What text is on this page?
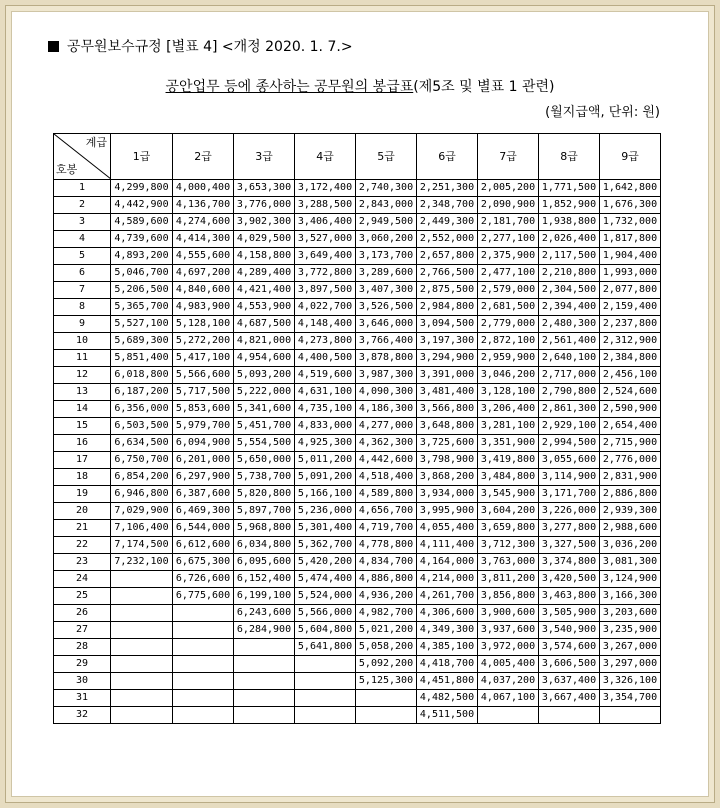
공무원보수규정 [별표 4] <개정 2020. 1. 7.>
공안업무 등에 종사하는 공무원의 봉급표(제5조 및 별표 1 관련)
(월지급액, 단위: 원)
계급
호봉	1급	2급	3급	4급	5급	6급	7급	8급	9급
1	4,299,800	4,000,400	3,653,300	3,172,400	2,740,300	2,251,300	2,005,200	1,771,500	1,642,800
2	4,442,900	4,136,700	3,776,000	3,288,500	2,843,000	2,348,700	2,090,900	1,852,900	1,676,300
3	4,589,600	4,274,600	3,902,300	3,406,400	2,949,500	2,449,300	2,181,700	1,938,800	1,732,000
4	4,739,600	4,414,300	4,029,500	3,527,000	3,060,200	2,552,000	2,277,100	2,026,400	1,817,800
5	4,893,200	4,555,600	4,158,800	3,649,400	3,173,700	2,657,800	2,375,900	2,117,500	1,904,400
6	5,046,700	4,697,200	4,289,400	3,772,800	3,289,600	2,766,500	2,477,100	2,210,800	1,993,000
7	5,206,500	4,840,600	4,421,400	3,897,500	3,407,300	2,875,500	2,579,000	2,304,500	2,077,800
8	5,365,700	4,983,900	4,553,900	4,022,700	3,526,500	2,984,800	2,681,500	2,394,400	2,159,400
9	5,527,100	5,128,100	4,687,500	4,148,400	3,646,000	3,094,500	2,779,000	2,480,300	2,237,800
10	5,689,300	5,272,200	4,821,000	4,273,800	3,766,400	3,197,300	2,872,100	2,561,400	2,312,900
11	5,851,400	5,417,100	4,954,600	4,400,500	3,878,800	3,294,900	2,959,900	2,640,100	2,384,800
12	6,018,800	5,566,600	5,093,200	4,519,600	3,987,300	3,391,000	3,046,200	2,717,000	2,456,100
13	6,187,200	5,717,500	5,222,000	4,631,100	4,090,300	3,481,400	3,128,100	2,790,800	2,524,600
14	6,356,000	5,853,600	5,341,600	4,735,100	4,186,300	3,566,800	3,206,400	2,861,300	2,590,900
15	6,503,500	5,979,700	5,451,700	4,833,000	4,277,000	3,648,800	3,281,100	2,929,100	2,654,400
16	6,634,500	6,094,900	5,554,500	4,925,300	4,362,300	3,725,600	3,351,900	2,994,500	2,715,900
17	6,750,700	6,201,000	5,650,000	5,011,200	4,442,600	3,798,900	3,419,800	3,055,600	2,776,000
18	6,854,200	6,297,900	5,738,700	5,091,200	4,518,400	3,868,200	3,484,800	3,114,900	2,831,900
19	6,946,800	6,387,600	5,820,800	5,166,100	4,589,800	3,934,000	3,545,900	3,171,700	2,886,800
20	7,029,900	6,469,300	5,897,700	5,236,000	4,656,700	3,995,900	3,604,200	3,226,000	2,939,300
21	7,106,400	6,544,000	5,968,800	5,301,400	4,719,700	4,055,400	3,659,800	3,277,800	2,988,600
22	7,174,500	6,612,600	6,034,800	5,362,700	4,778,800	4,111,400	3,712,300	3,327,500	3,036,200
23	7,232,100	6,675,300	6,095,600	5,420,200	4,834,700	4,164,000	3,763,000	3,374,800	3,081,300
24		6,726,600	6,152,400	5,474,400	4,886,800	4,214,000	3,811,200	3,420,500	3,124,900
25		6,775,600	6,199,100	5,524,000	4,936,200	4,261,700	3,856,800	3,463,800	3,166,300
26			6,243,600	5,566,000	4,982,700	4,306,600	3,900,600	3,505,900	3,203,600
27			6,284,900	5,604,800	5,021,200	4,349,300	3,937,600	3,540,900	3,235,900
28				5,641,800	5,058,200	4,385,100	3,972,000	3,574,600	3,267,000
29					5,092,200	4,418,700	4,005,400	3,606,500	3,297,000
30					5,125,300	4,451,800	4,037,200	3,637,400	3,326,100
31						4,482,500	4,067,100	3,667,400	3,354,700
32						4,511,500			
